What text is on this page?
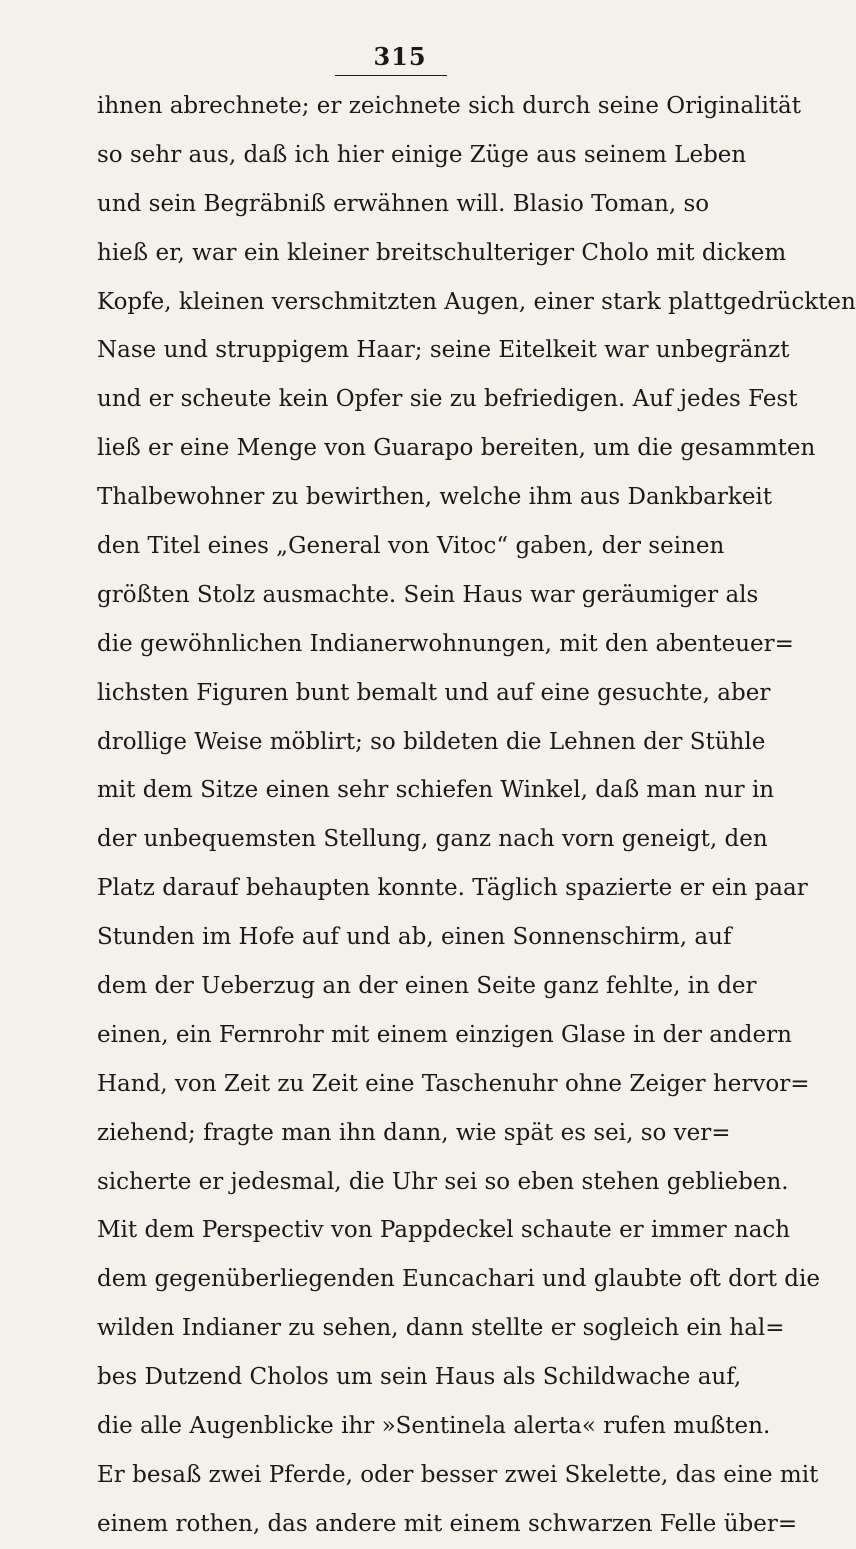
315
ihnen abrechnete; er zeichnete sich durch seine Originalität
so sehr aus, daß ich hier einige Züge aus seinem Leben
und sein Begräbniß erwähnen will. Blasio Toman, so
hieß er, war ein kleiner breitschulteriger Cholo mit dickem
Kopfe, kleinen verschmitzten Augen, einer stark plattgedrückten
Nase und struppigem Haar; seine Eitelkeit war unbegränzt
und er scheute kein Opfer sie zu befriedigen. Auf jedes Fest
ließ er eine Menge von Guarapo bereiten, um die gesammten
Thalbewohner zu bewirthen, welche ihm aus Dankbarkeit
den Titel eines „General von Vitoc“ gaben, der seinen
größten Stolz ausmachte. Sein Haus war geräumiger als
die gewöhnlichen Indianerwohnungen, mit den abenteuer=
lichsten Figuren bunt bemalt und auf eine gesuchte, aber
drollige Weise möblirt; so bildeten die Lehnen der Stühle
mit dem Sitze einen sehr schiefen Winkel, daß man nur in
der unbequemsten Stellung, ganz nach vorn geneigt, den
Platz darauf behaupten konnte. Täglich spazierte er ein paar
Stunden im Hofe auf und ab, einen Sonnenschirm, auf
dem der Ueberzug an der einen Seite ganz fehlte, in der
einen, ein Fernrohr mit einem einzigen Glase in der andern
Hand, von Zeit zu Zeit eine Taschenuhr ohne Zeiger hervor=
ziehend; fragte man ihn dann, wie spät es sei, so ver=
sicherte er jedesmal, die Uhr sei so eben stehen geblieben.
Mit dem Perspectiv von Pappdeckel schaute er immer nach
dem gegenüberliegenden Euncachari und glaubte oft dort die
wilden Indianer zu sehen, dann stellte er sogleich ein hal=
bes Dutzend Cholos um sein Haus als Schildwache auf,
die alle Augenblicke ihr »Sentinela alerta« rufen mußten.
Er besaß zwei Pferde, oder besser zwei Skelette, das eine mit
einem rothen, das andere mit einem schwarzen Felle über=
